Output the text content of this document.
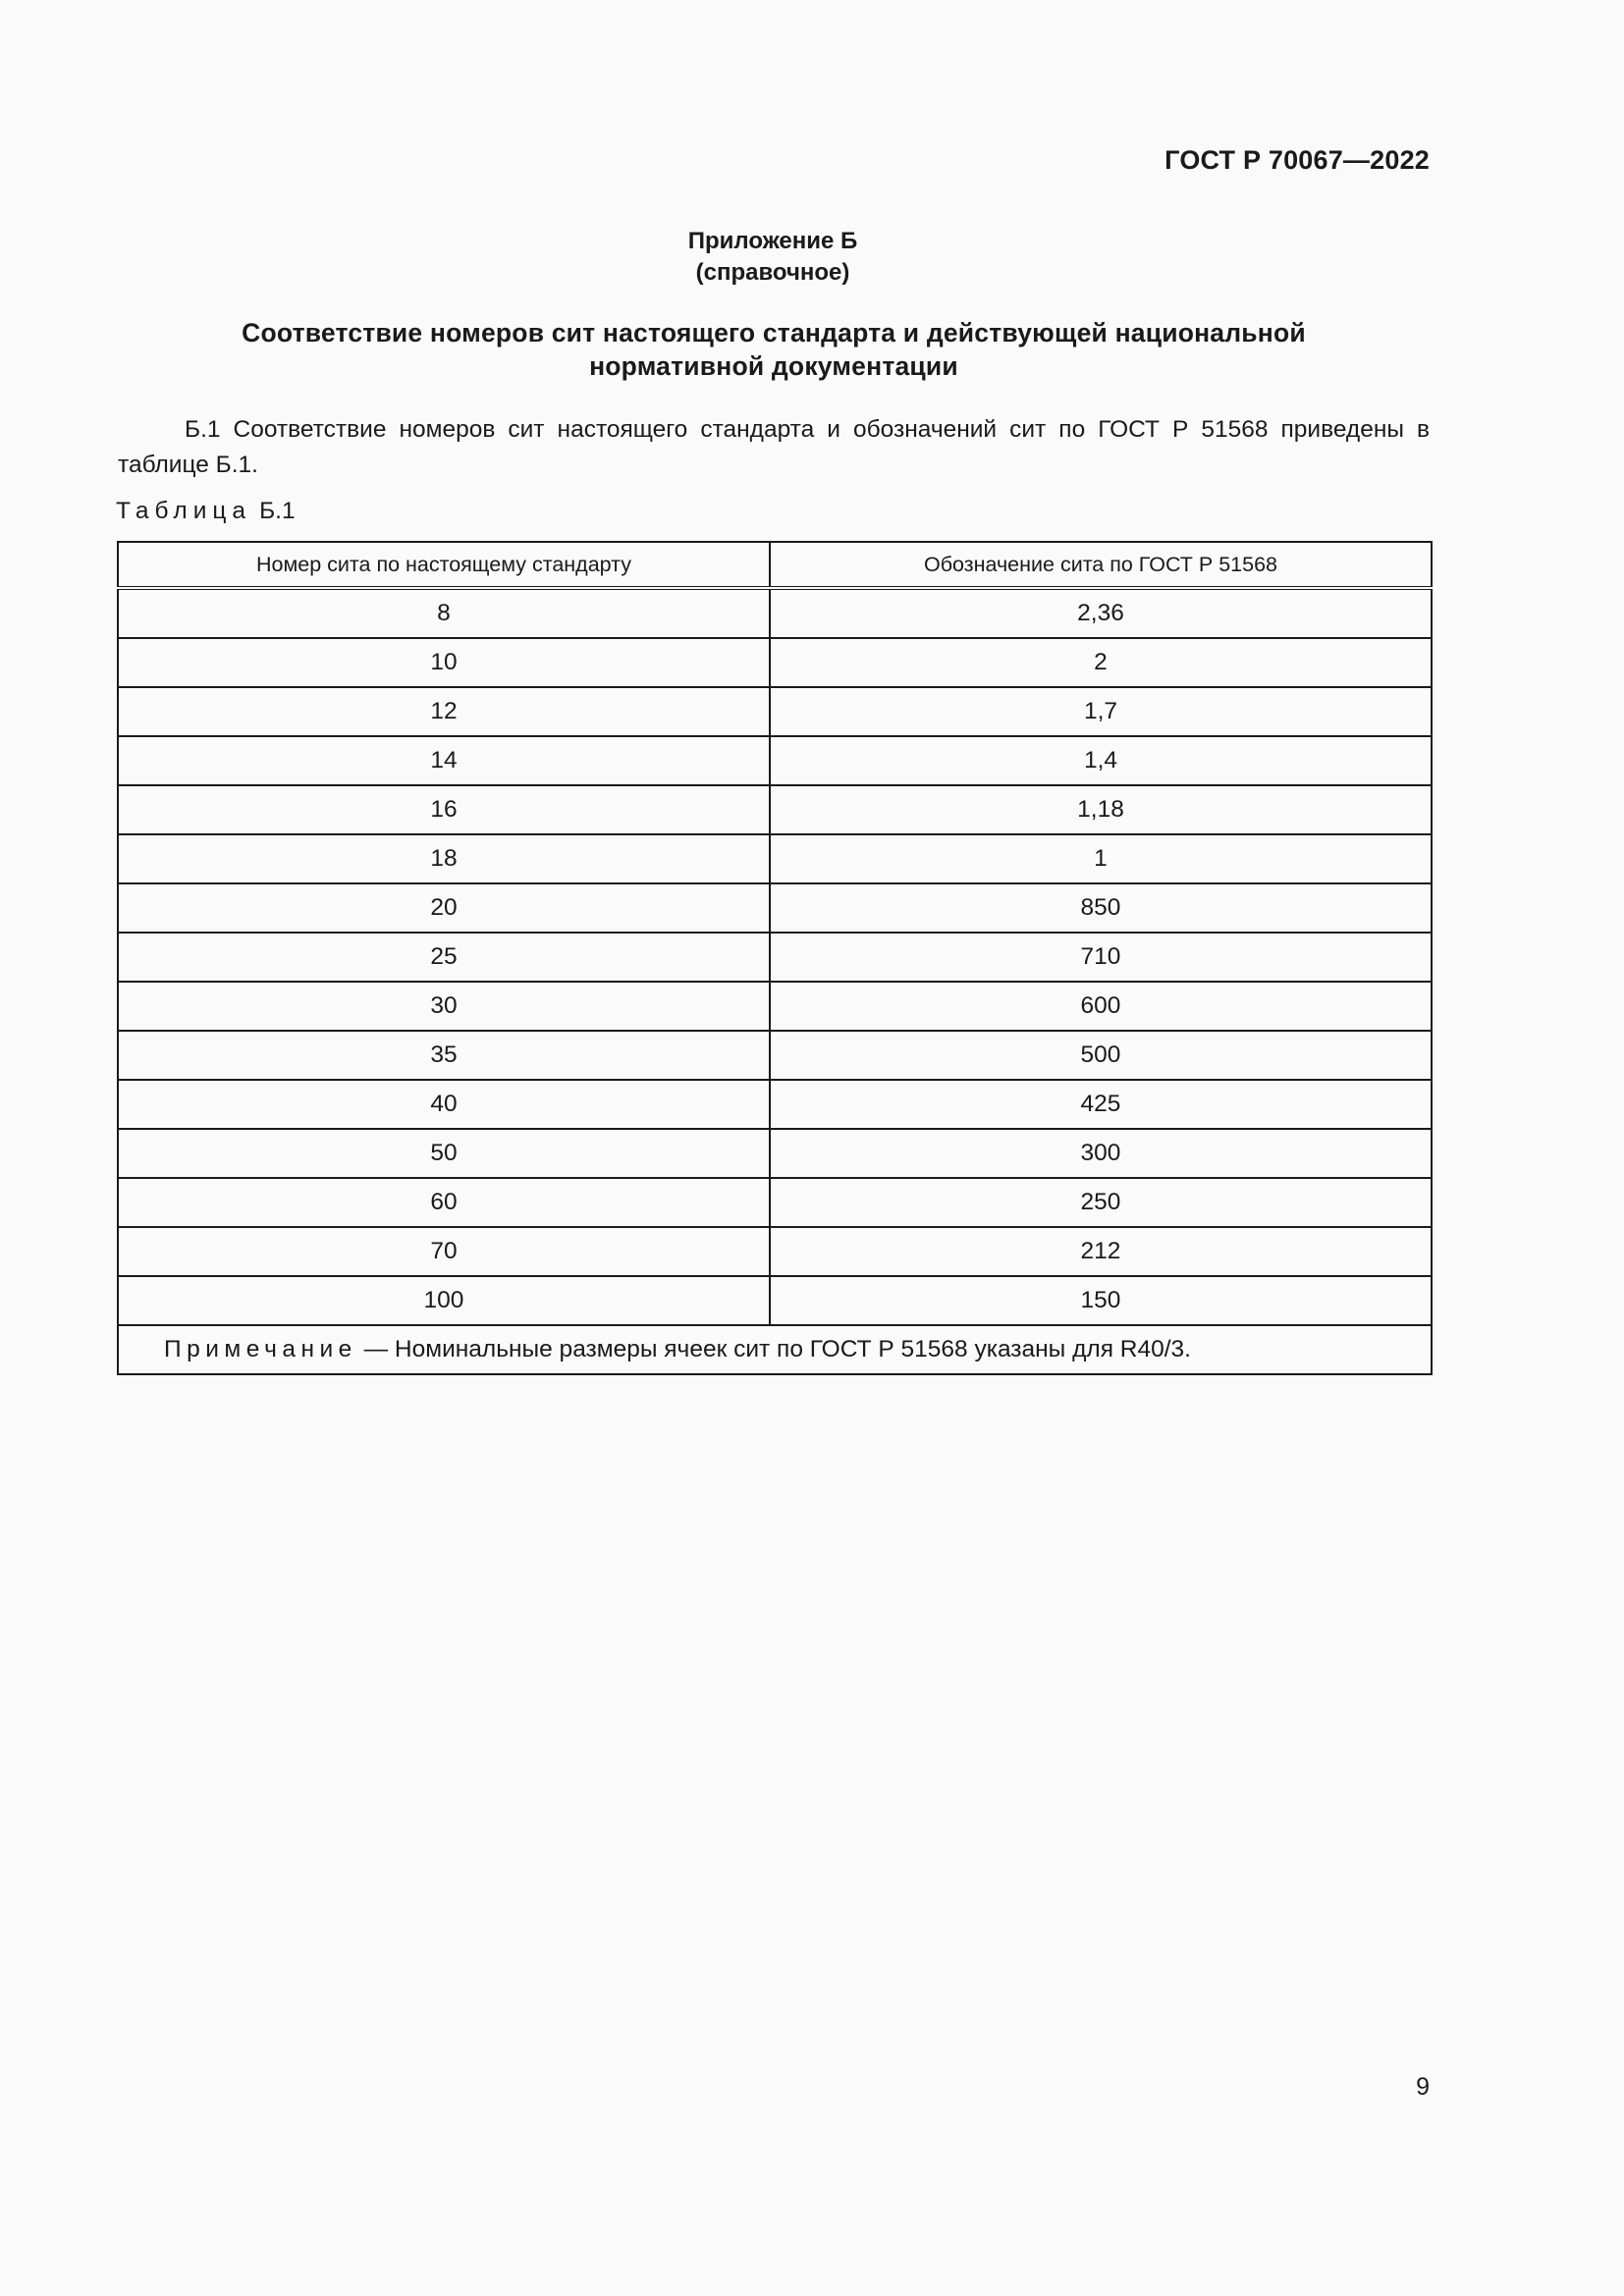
ГОСТ Р 70067—2022
Приложение Б
(справочное)
Соответствие номеров сит настоящего стандарта и действующей национальной
нормативной документации
Б.1 Соответствие номеров сит настоящего стандарта и обозначений сит по ГОСТ Р 51568 приведены в таблице Б.1.
Таблица Б.1
Номер сита по настоящему стандарту	Обозначение сита по ГОСТ Р 51568
8	2,36
10	2
12	1,7
14	1,4
16	1,18
18	1
20	850
25	710
30	600
35	500
40	425
50	300
60	250
70	212
100	150
Примечание — Номинальные размеры ячеек сит по ГОСТ Р 51568 указаны для R40/3.	
9
